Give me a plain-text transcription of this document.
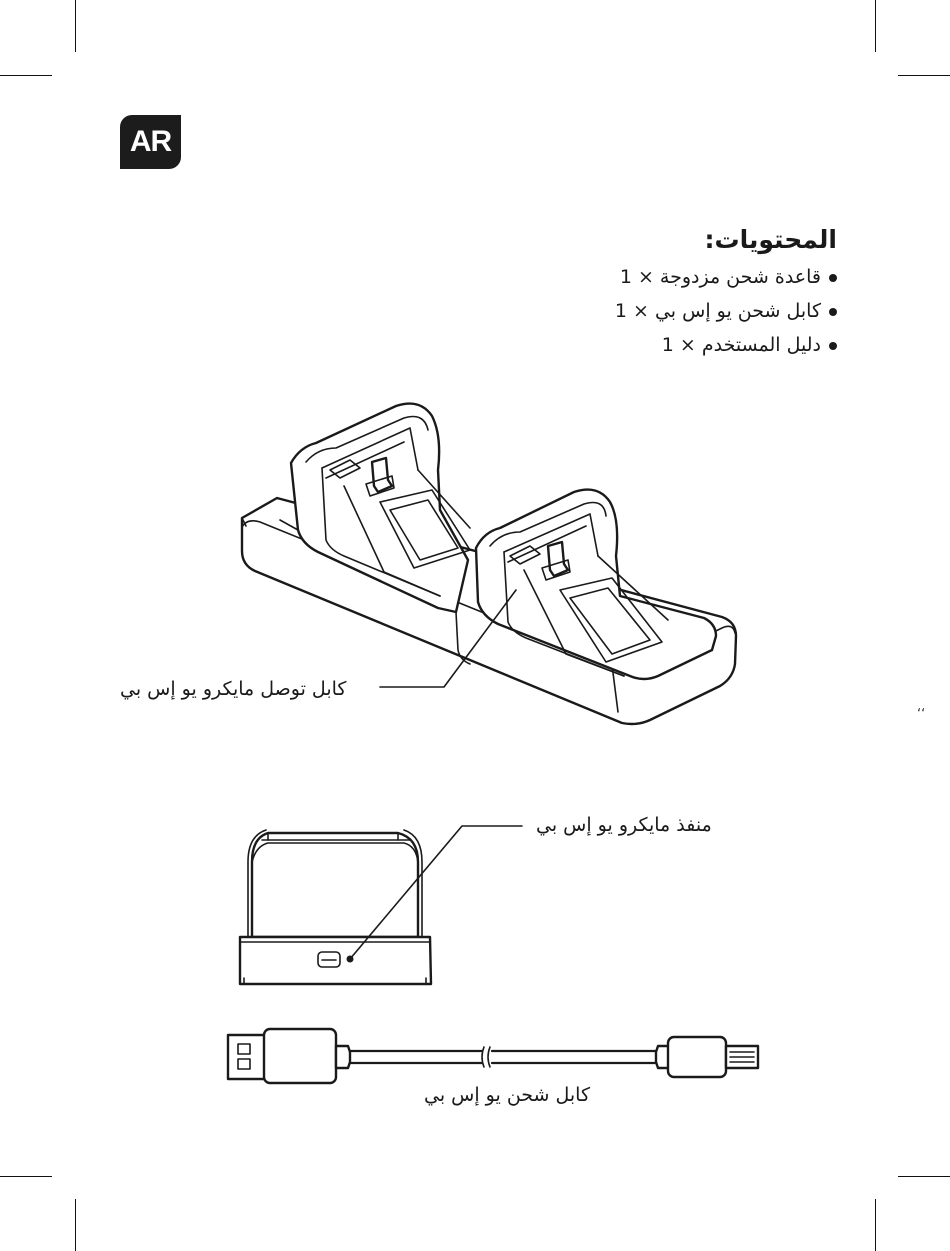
AR
المحتويات:
قاعدة شحن مزدوجة × 1
كابل شحن يو إس بي × 1
دليل المستخدم × 1
كابل توصل مايكرو يو إس بي
منفذ مايكرو يو إس بي
كابل شحن يو إس بي
‘‘
